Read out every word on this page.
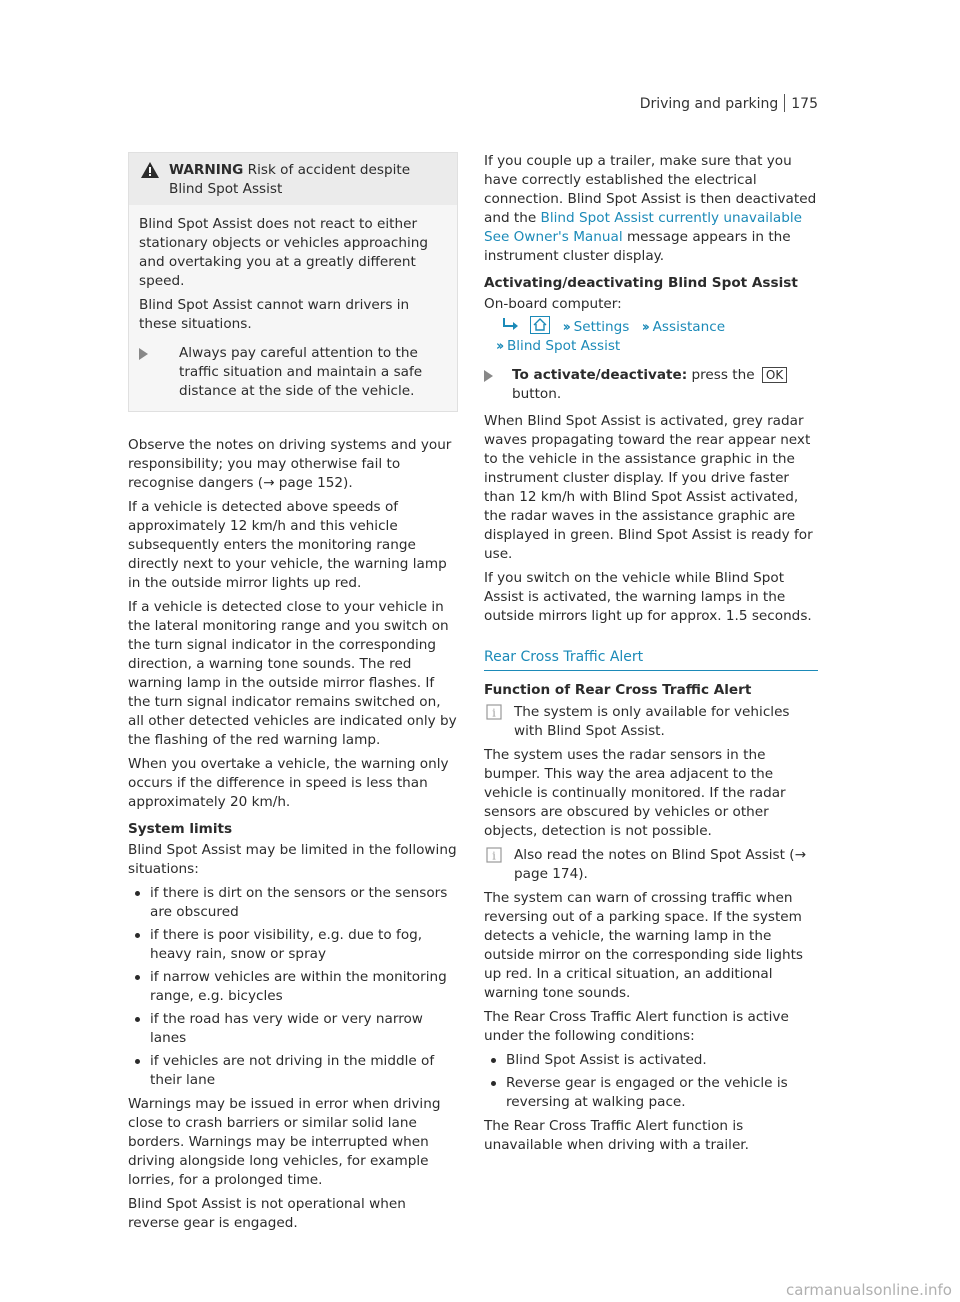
Driving and parking 175
WARNING Risk of accident despite Blind Spot Assist

Blind Spot Assist does not react to either stationary objects or vehicles approaching and overtaking you at a greatly different speed.

Blind Spot Assist cannot warn drivers in these situations.

Always pay careful attention to the traffic situation and maintain a safe distance at the side of the vehicle.

Observe the notes on driving systems and your responsibility; you may otherwise fail to recognise dangers (→ page 152).

If a vehicle is detected above speeds of approximately 12 km/h and this vehicle subsequently enters the monitoring range directly next to your vehicle, the warning lamp in the outside mirror lights up red.

If a vehicle is detected close to your vehicle in the lateral monitoring range and you switch on the turn signal indicator in the corresponding direction, a warning tone sounds. The red warning lamp in the outside mirror flashes. If the turn signal indicator remains switched on, all other detected vehicles are indicated only by the flashing of the red warning lamp.

When you overtake a vehicle, the warning only occurs if the difference in speed is less than approximately 20 km/h.

System limits

Blind Spot Assist may be limited in the following situations:

if there is dirt on the sensors or the sensors are obscured
if there is poor visibility, e.g. due to fog, heavy rain, snow or spray
if narrow vehicles are within the monitoring range, e.g. bicycles
if the road has very wide or very narrow lanes
if vehicles are not driving in the middle of their lane

Warnings may be issued in error when driving close to crash barriers or similar solid lane borders. Warnings may be interrupted when driving alongside long vehicles, for example lorries, for a prolonged time.

Blind Spot Assist is not operational when reverse gear is engaged.

If you couple up a trailer, make sure that you have correctly established the electrical connection. Blind Spot Assist is then deactivated and the Blind Spot Assist currently unavailable See Owner's Manual message appears in the instrument cluster display.

Activating/deactivating Blind Spot Assist
On-board computer:
›› Settings ›› Assistance
›› Blind Spot Assist
To activate/deactivate: press the OK button.

When Blind Spot Assist is activated, grey radar waves propagating toward the rear appear next to the vehicle in the assistance graphic in the instrument cluster display. If you drive faster than 12 km/h with Blind Spot Assist activated, the radar waves in the assistance graphic are displayed in green. Blind Spot Assist is ready for use.

If you switch on the vehicle while Blind Spot Assist is activated, the warning lamps in the outside mirrors light up for approx. 1.5 seconds.

Rear Cross Traffic Alert
Function of Rear Cross Traffic Alert
i The system is only available for vehicles with Blind Spot Assist.

The system uses the radar sensors in the bumper. This way the area adjacent to the vehicle is continually monitored. If the radar sensors are obscured by vehicles or other objects, detection is not possible.

i Also read the notes on Blind Spot Assist (→ page 174).

The system can warn of crossing traffic when reversing out of a parking space. If the system detects a vehicle, the warning lamp in the outside mirror on the corresponding side lights up red. In a critical situation, an additional warning tone sounds.

The Rear Cross Traffic Alert function is active under the following conditions:

Blind Spot Assist is activated.
Reverse gear is engaged or the vehicle is reversing at walking pace.

The Rear Cross Traffic Alert function is unavailable when driving with a trailer.

carmanualsonline.info
